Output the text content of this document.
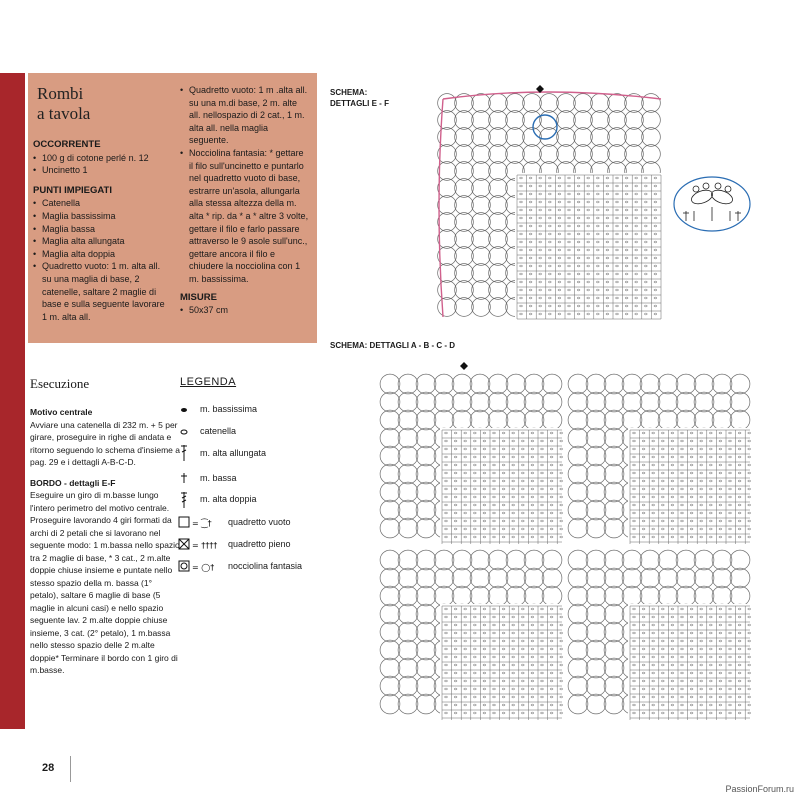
Rombi
a tavola

OCCORRENTE

• 100 g di cotone perlé n. 12
• Uncinetto 1

PUNTI IMPIEGATI

• Catenella
• Maglia bassissima
• Maglia bassa
• Maglia alta allungata
• Maglia alta doppia
• Quadretto vuoto: 1 m. alta all. su una maglia di base, 2 catenelle, saltare 2 maglie di base e sulla seguente lavorare 1 m. alta all.
• Quadretto vuoto: 1 m .alta all. su una m.di base, 2 m. alte all. nellospazio di 2 cat., 1 m. alta all. nella maglia seguente.
• Nocciolina fantasia: * gettare il filo sull'uncinetto e puntarlo nel quadretto vuoto di base, estrarre un'asola, allungarla alla stessa altezza della m. alta * rip. da * a * altre 3 volte, gettare il filo e farlo passare attraverso le 9 asole sull'unc., gettare ancora il filo e chiudere la nocciolina con 1 m. bassissima.

MISURE

• 50x37 cm
Esecuzione
Motivo centrale

Avviare una catenella di 232 m. + 5 per girare, proseguire in righe di andata e ritorno seguendo lo schema d'insieme a pag. 29 e i dettagli A-B-C-D.

BORDO - dettagli E-F

Eseguire un giro di m.basse lungo l'intero perimetro del motivo centrale. Proseguire lavorando 4 giri formati da archi di 2 petali che si lavorano nel seguente modo: 1 m.bassa nello spazio tra 2 maglie di base, * 3 cat., 2 m.alte doppie chiuse insieme e puntate nello stesso spazio della m. bassa (1° petalo), saltare 6 maglie di base (5 maglie in alcuni casi) e nello spazio seguente lav. 2 m.alte doppie chiuse insieme, 3 cat. (2° petalo), 1 m.bassa nello stesso spazio delle 2 m.alte doppie* Terminare il bordo con 1 giro di m.basse.

LEGENDA
= ⁐†
= ††††
= ◯†
m. bassissima
catenella
m. alta allungata
m. bassa
m. alta doppia
quadretto vuoto
quadretto pieno
nocciolina fantasia
SCHEMA:
DETTAGLI E - F
SCHEMA: DETTAGLI A - B - C - D
28
PassionForum.ru
